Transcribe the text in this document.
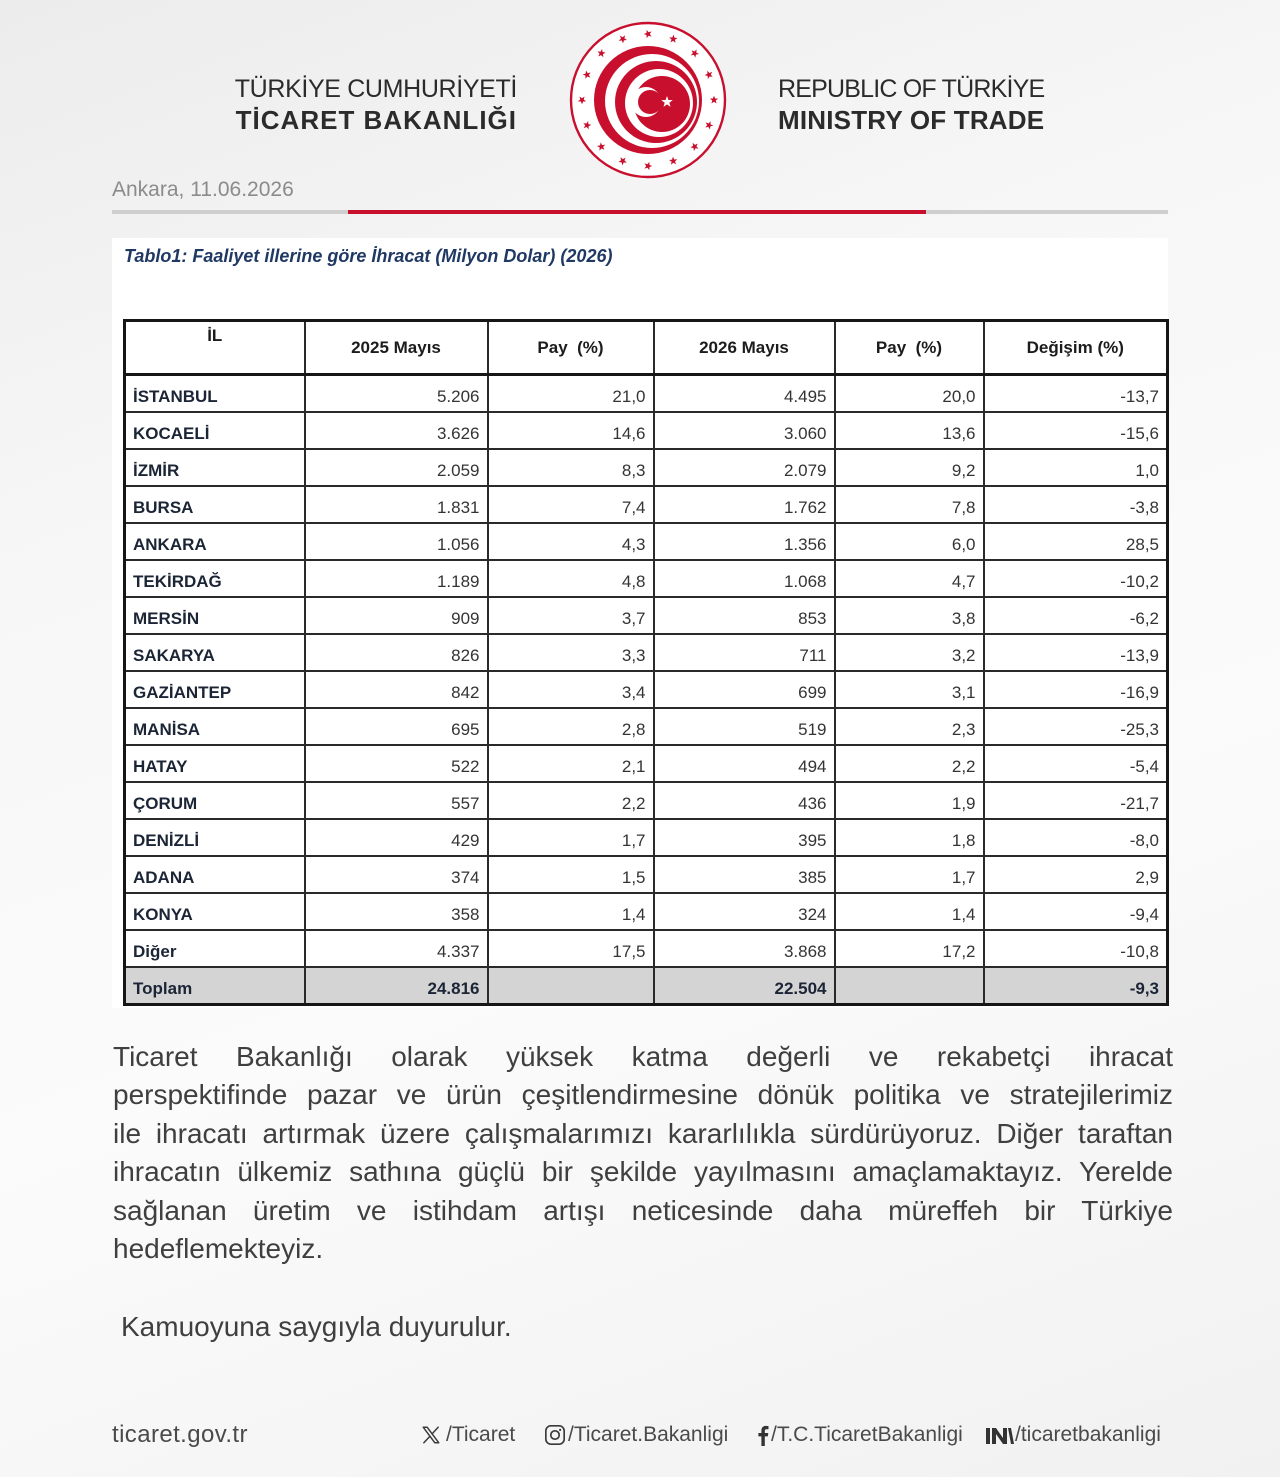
TÜRKİYE CUMHURİYETİ
TİCARET BAKANLIĞI
REPUBLIC OF TÜRKİYE
MINISTRY OF TRADE
Ankara, 11.06.2026
Tablo1: Faaliyet illerine göre İhracat (Milyon Dolar) (2026)
İL	2025 Mayıs	Pay  (%)	2026 Mayıs	Pay  (%)	Değişim (%)
İSTANBUL	5.206	21,0	4.495	20,0	-13,7
KOCAELİ	3.626	14,6	3.060	13,6	-15,6
İZMİR	2.059	8,3	2.079	9,2	1,0
BURSA	1.831	7,4	1.762	7,8	-3,8
ANKARA	1.056	4,3	1.356	6,0	28,5
TEKİRDAĞ	1.189	4,8	1.068	4,7	-10,2
MERSİN	909	3,7	853	3,8	-6,2
SAKARYA	826	3,3	711	3,2	-13,9
GAZİANTEP	842	3,4	699	3,1	-16,9
MANİSA	695	2,8	519	2,3	-25,3
HATAY	522	2,1	494	2,2	-5,4
ÇORUM	557	2,2	436	1,9	-21,7
DENİZLİ	429	1,7	395	1,8	-8,0
ADANA	374	1,5	385	1,7	2,9
KONYA	358	1,4	324	1,4	-9,4
Diğer	4.337	17,5	3.868	17,2	-10,8
Toplam	24.816		22.504		-9,3
Ticaret Bakanlığı olarak yüksek katma değerli ve rekabetçi ihracat
perspektifinde pazar ve ürün çeşitlendirmesine dönük politika ve stratejilerimiz
ile ihracatı artırmak üzere çalışmalarımızı kararlılıkla sürdürüyoruz. Diğer taraftan
ihracatın ülkemiz sathına güçlü bir şekilde yayılmasını amaçlamaktayız. Yerelde
sağlanan üretim ve istihdam artışı neticesinde daha müreffeh bir Türkiye
hedeflemekteyiz.
Kamuoyuna saygıyla duyurulur.
ticaret.gov.tr	/Ticaret	/Ticaret.Bakanligi /T.C.TicaretBakanligi /ticaretbakanligi
